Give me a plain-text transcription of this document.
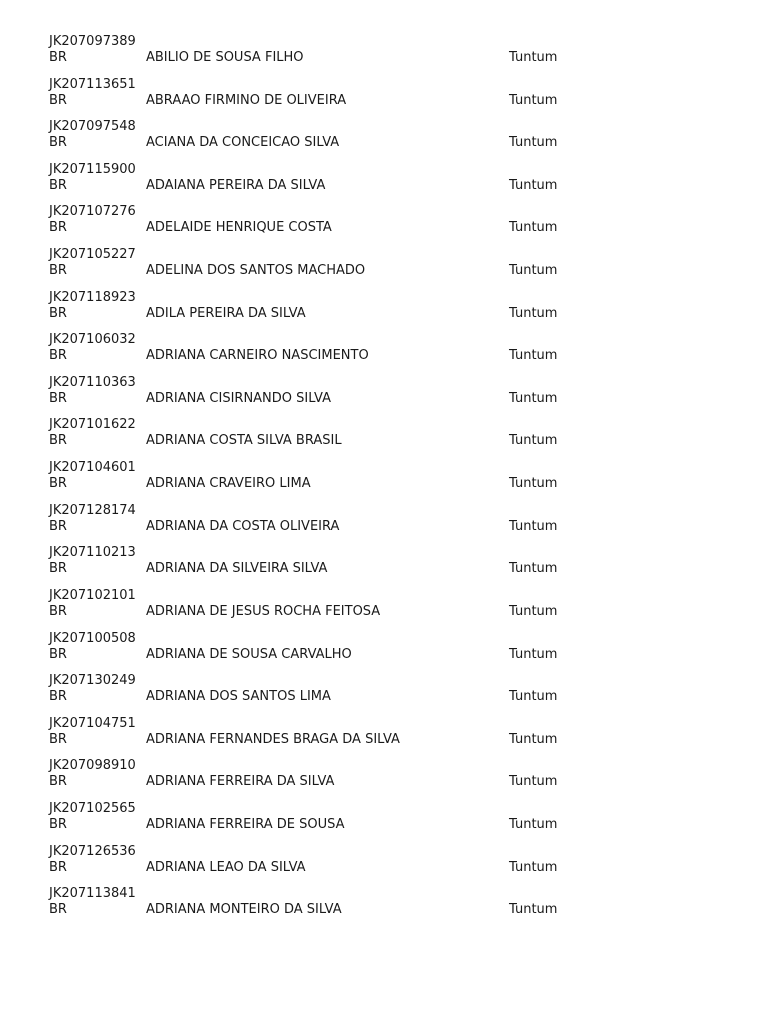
JK207097389
BR	ABILIO DE SOUSA FILHO	Tuntum
JK207113651
BR	ABRAAO FIRMINO DE OLIVEIRA	Tuntum
JK207097548
BR	ACIANA DA CONCEICAO SILVA	Tuntum
JK207115900
BR	ADAIANA PEREIRA DA SILVA	Tuntum
JK207107276
BR	ADELAIDE HENRIQUE COSTA	Tuntum
JK207105227
BR	ADELINA DOS SANTOS MACHADO	Tuntum
JK207118923
BR	ADILA PEREIRA DA SILVA	Tuntum
JK207106032
BR	ADRIANA CARNEIRO NASCIMENTO	Tuntum
JK207110363
BR	ADRIANA CISIRNANDO SILVA	Tuntum
JK207101622
BR	ADRIANA COSTA SILVA BRASIL	Tuntum
JK207104601
BR	ADRIANA CRAVEIRO LIMA	Tuntum
JK207128174
BR	ADRIANA DA COSTA OLIVEIRA	Tuntum
JK207110213
BR	ADRIANA DA SILVEIRA SILVA	Tuntum
JK207102101
BR	ADRIANA DE JESUS ROCHA FEITOSA	Tuntum
JK207100508
BR	ADRIANA DE SOUSA CARVALHO	Tuntum
JK207130249
BR	ADRIANA DOS SANTOS LIMA	Tuntum
JK207104751
BR	ADRIANA FERNANDES BRAGA DA SILVA	Tuntum
JK207098910
BR	ADRIANA FERREIRA DA SILVA	Tuntum
JK207102565
BR	ADRIANA FERREIRA DE SOUSA	Tuntum
JK207126536
BR	ADRIANA LEAO DA SILVA	Tuntum
JK207113841
BR	ADRIANA MONTEIRO DA SILVA	Tuntum
